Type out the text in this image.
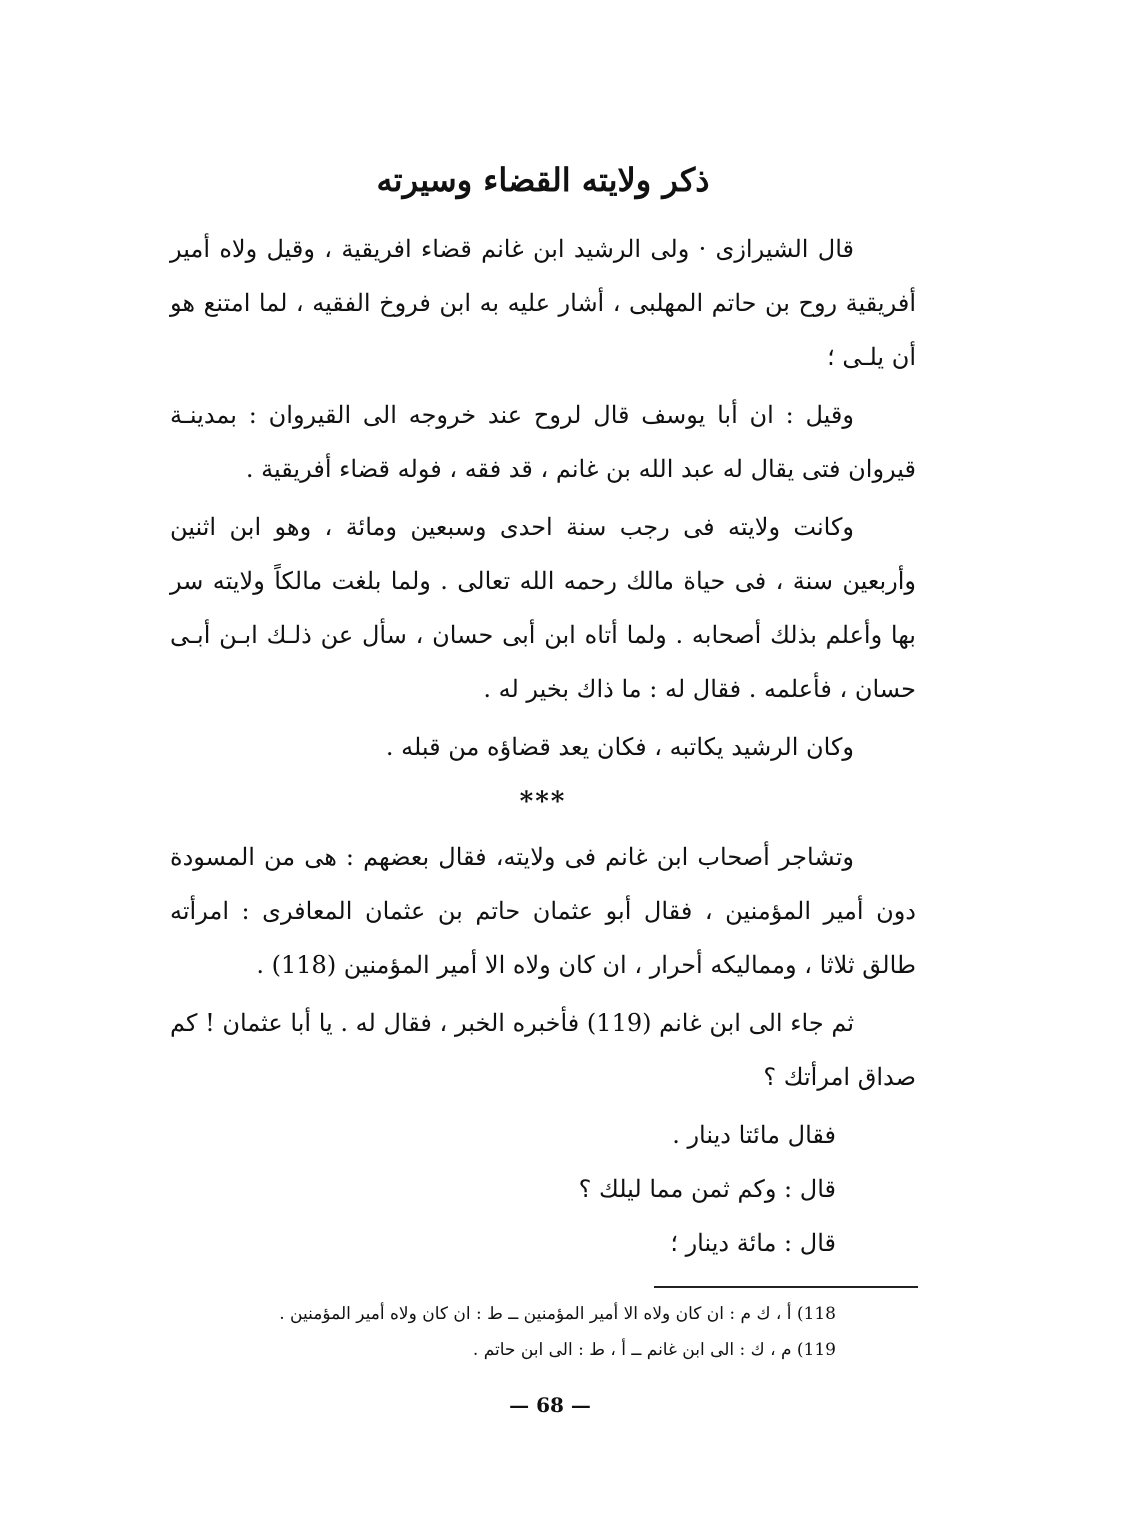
ذكر ولايته القضاء وسيرته

قال الشيرازى · ولى الرشيد ابن غانم قضاء افريقية ، وقيل ولاه أمير أفريقية روح بن حاتم المهلبى ، أشار عليه به ابن فروخ الفقيه ، لما امتنع هو أن يلـى ؛

وقيل : ان أبا يوسف قال لروح عند خروجه الى القيروان : بمدينـة قيروان فتى يقال له عبد الله بن غانم ، قد فقه ، فوله قضاء أفريقية .

وكانت ولايته فى رجب سنة احدى وسبعين ومائة ، وهو ابن اثنين وأربعين سنة ، فى حياة مالك رحمه الله تعالى . ولما بلغت مالكاً ولايته سر بها وأعلم بذلك أصحابه . ولما أتاه ابن أبى حسان ، سأل عن ذلـك ابـن أبـى حسان ، فأعلمه . فقال له : ما ذاك بخير له .

وكان الرشيد يكاتبه ، فكان يعد قضاؤه من قبله .

*​*​*

وتشاجر أصحاب ابن غانم فى ولايته، فقال بعضهم : هى من المسودة دون أمير المؤمنين ، فقال أبو عثمان حاتم بن عثمان المعافرى : امرأته طالق ثلاثا ، ومماليكه أحرار ، ان كان ولاه الا أمير المؤمنين (118) .

ثم جاء الى ابن غانم (119) فأخبره الخبر ، فقال له . يا أبا عثمان ! كم صداق امرأتك ؟

فقال مائتا دينار .

قال : وكم ثمن مما ليلك ؟

قال : مائة دينار ؛

118) أ ، ك م : ان كان ولاه الا أمير المؤمنين ــ ط : ان كان ولاه أمير المؤمنين .

119) م ، ك : الى ابن غانم ــ أ ، ط : الى ابن حاتم .

— 68 —
